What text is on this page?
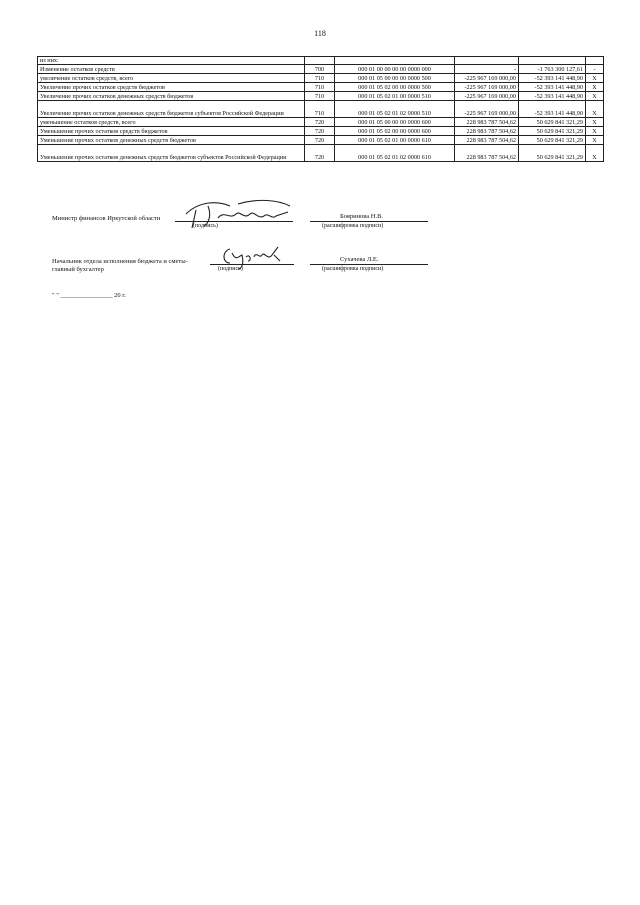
118
из них:					
Изменение остатков средств	700	000 01 00 00 00 00 0000 000	-	-1 763 300 127,61	-
увеличение остатков средств, всего	710	000 01 05 00 00 00 0000 500	-225 967 169 000,00	-52 393 141 448,90	X
Увеличение прочих остатков средств бюджетов	710	000 01 05 02 00 00 0000 500	-225 967 169 000,00	-52 393 141 448,90	X
Увеличение прочих остатков денежных средств бюджетов	710	000 01 05 02 01 00 0000 510	-225 967 169 000,00	-52 393 141 448,90	X
Увеличение прочих остатков денежных средств бюджетов субъектов Российской Федерации	710	000 01 05 02 01 02 0000 510	-225 967 169 000,00	-52 393 141 448,90	X
уменьшение остатков средств, всего	720	000 01 05 00 00 00 0000 600	228 983 787 504,62	50 629 841 321,29	X
Уменьшение прочих остатков средств бюджетов	720	000 01 05 02 00 00 0000 600	228 983 787 504,62	50 629 841 321,29	X
Уменьшение прочих остатков денежных средств бюджетов	720	000 01 05 02 01 00 0000 610	228 983 787 504,62	50 629 841 321,29	X
Уменьшение прочих остатков денежных средств бюджетов субъектов Российской Федерации	720	000 01 05 02 01 02 0000 610	228 983 787 504,62	50 629 841 321,29	X
Министр финансов Иркутской области
(подпись)
Бояринова Н.В.
(расшифровка подписи)
Начальник отдела исполнения бюджета и сметы-
главный бухгалтер	(подпись)
Сухачева Л.Е.
(расшифровка подписи)
" " ________________ 20 г.
